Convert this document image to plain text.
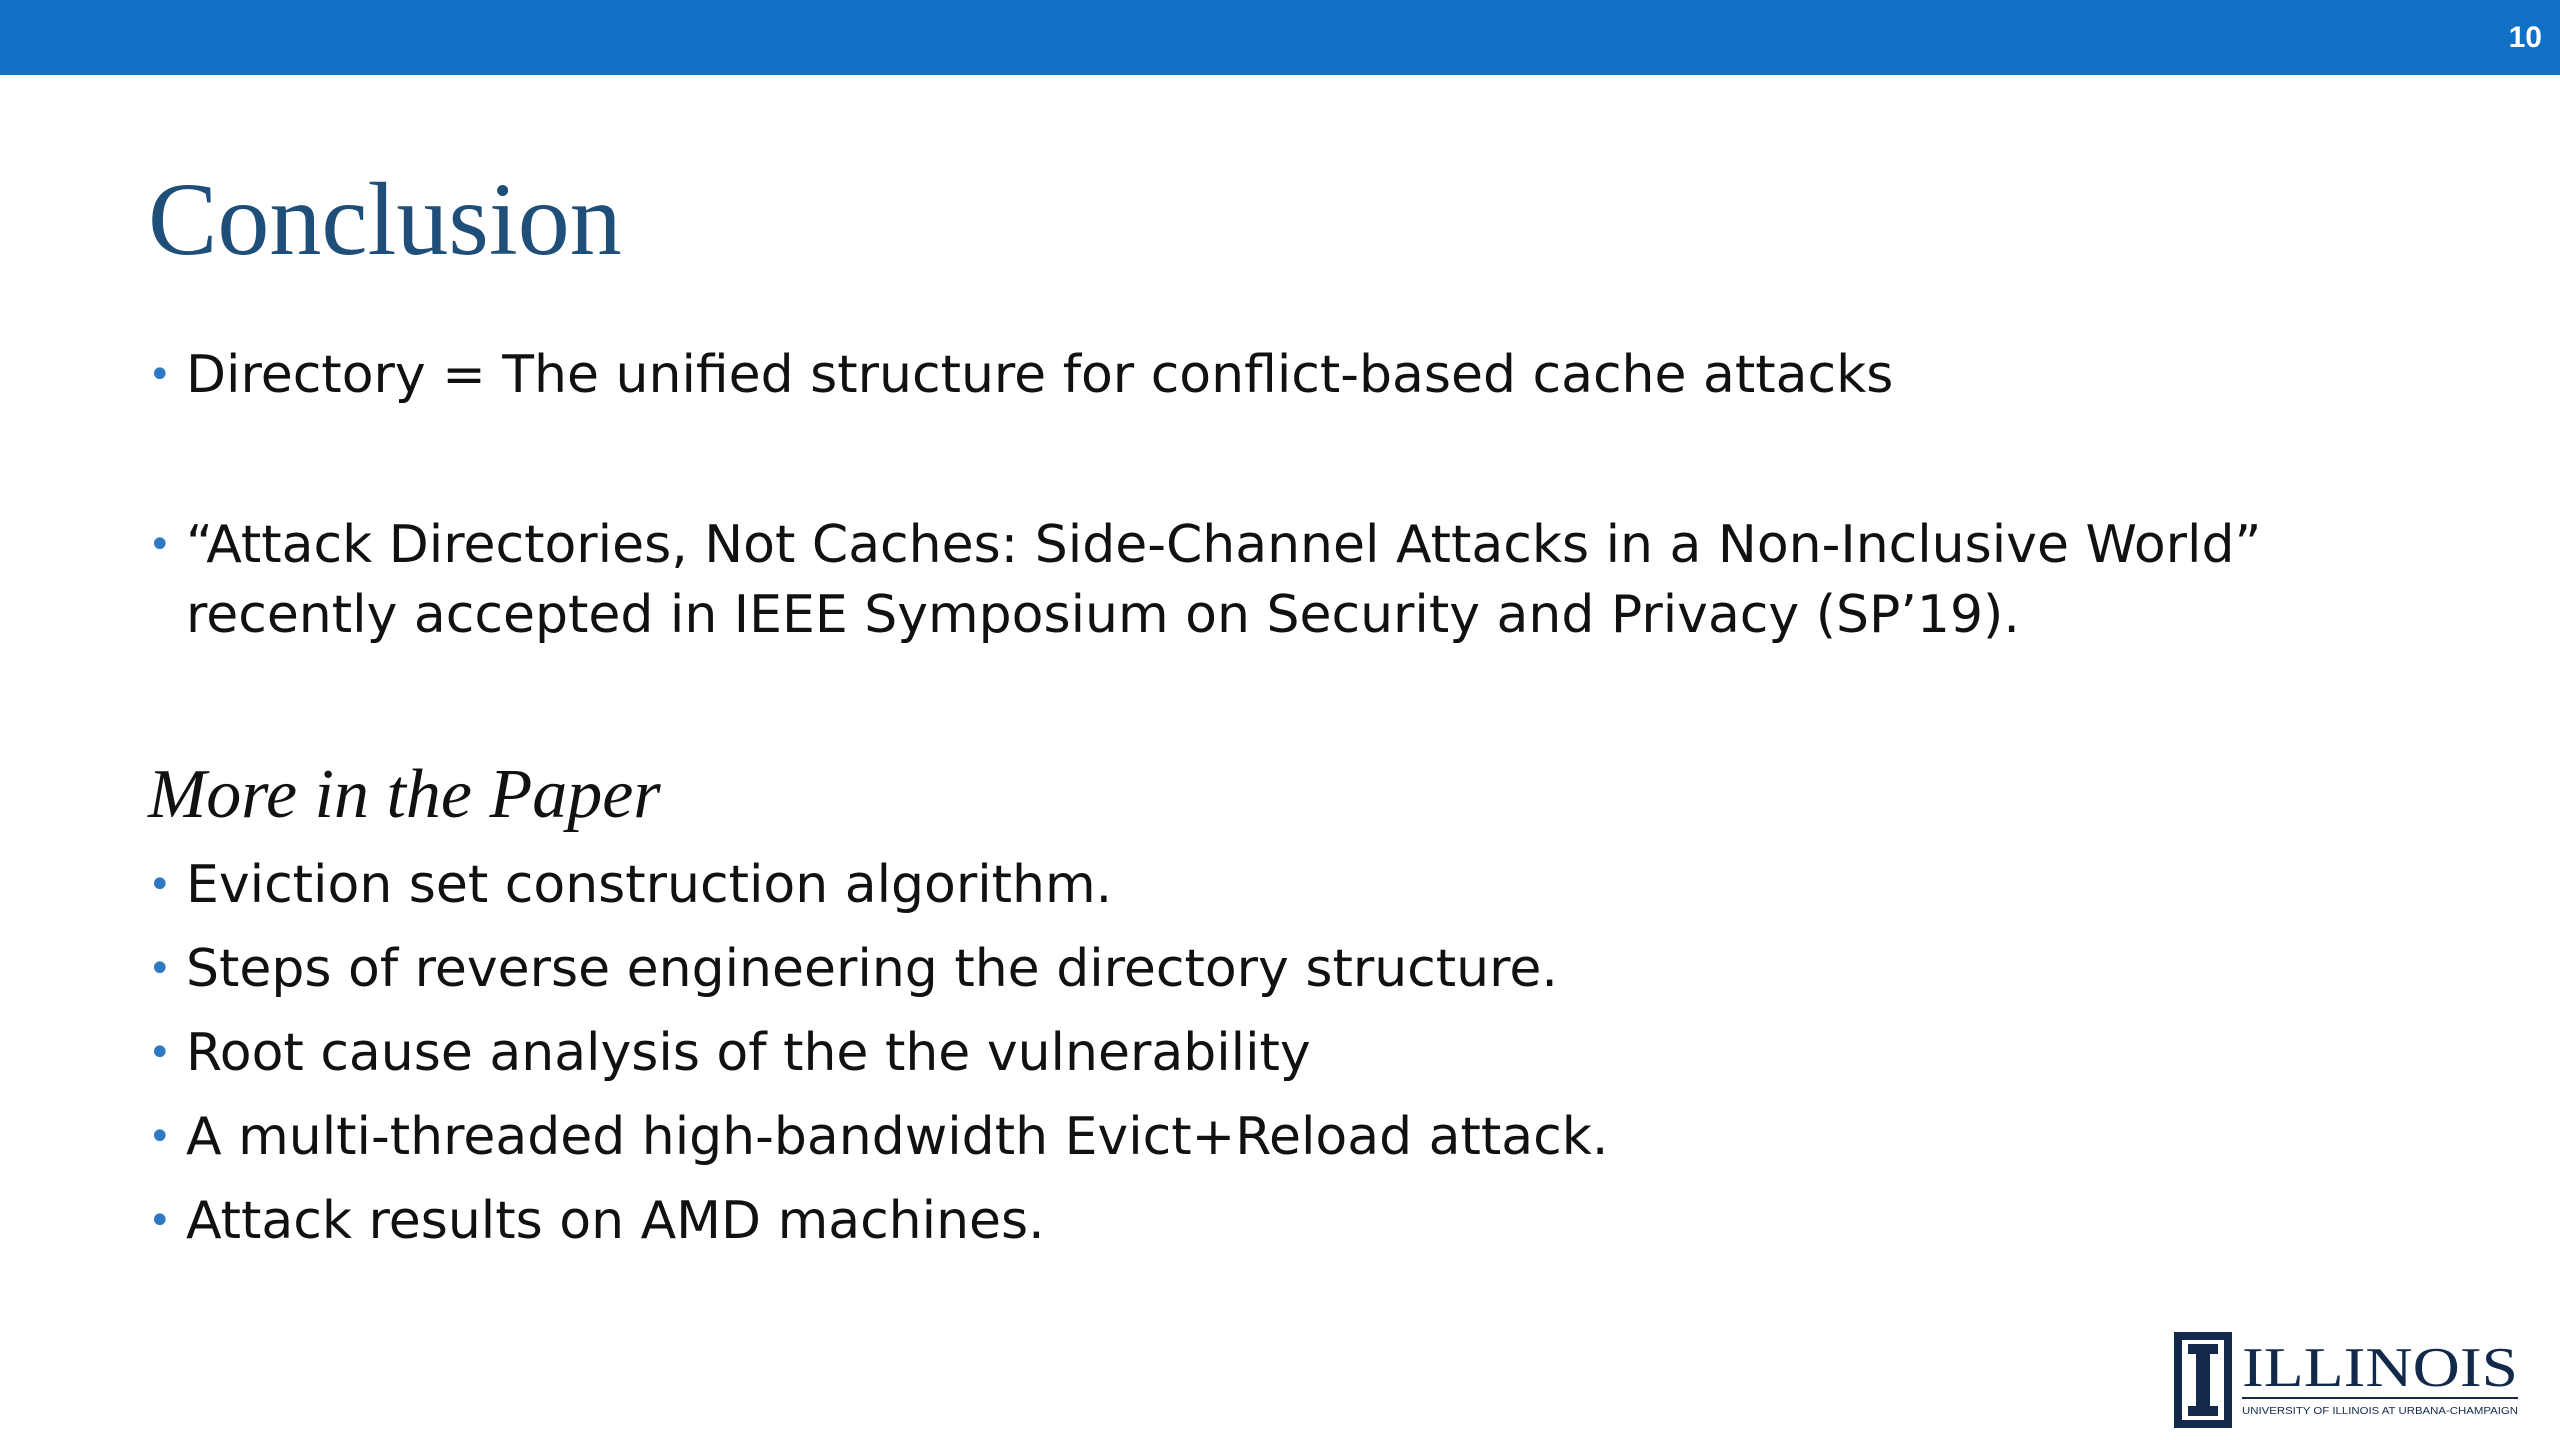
10
Conclusion
• Directory = The unified structure for conflict-based cache attacks
• “Attack Directories, Not Caches: Side-Channel Attacks in a Non-Inclusive World”
recently accepted in IEEE Symposium on Security and Privacy (SP’19).
More in the Paper
• Eviction set construction algorithm.
• Steps of reverse engineering the directory structure.
• Root cause analysis of the the vulnerability
• A multi-threaded high-bandwidth Evict+Reload attack.
• Attack results on AMD machines.
ILLINOIS
UNIVERSITY OF ILLINOIS AT URBANA-CHAMPAIGN
